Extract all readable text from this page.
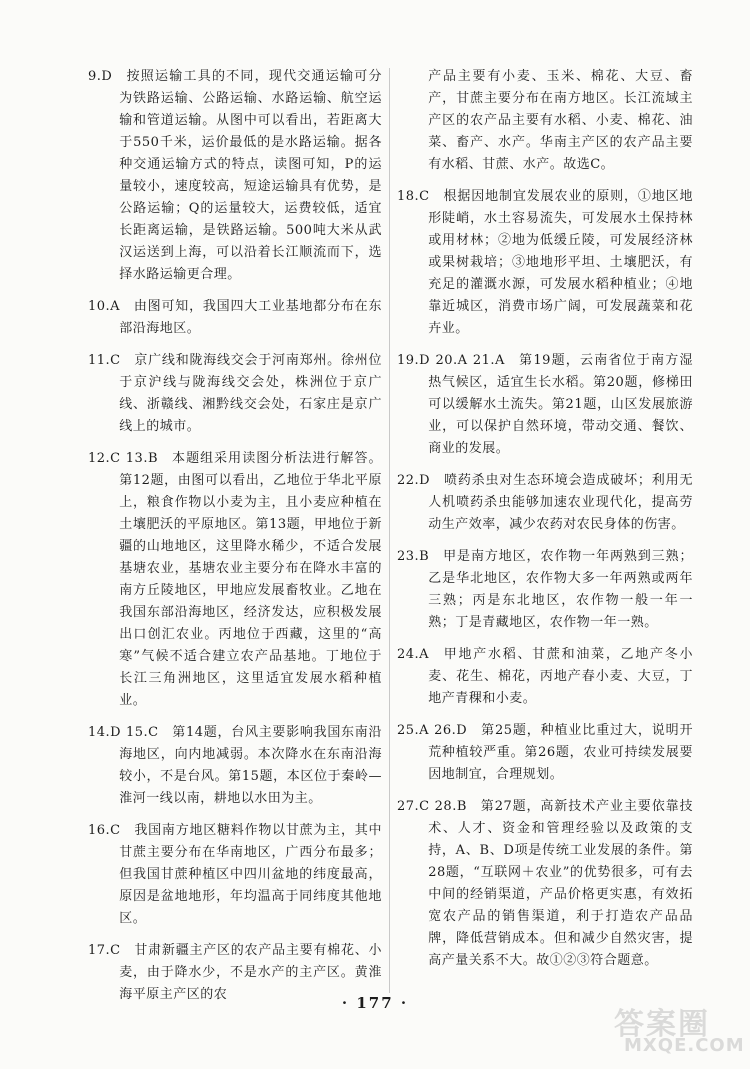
9.D  按照运输工具的不同，现代交通运输可分为铁路运输、公路运输、水路运输、航空运输和管道运输。从图中可以看出，若距离大于550千米，运价最低的是水路运输。据各种交通运输方式的特点，读图可知，P的运量较小，速度较高，短途运输具有优势，是公路运输；Q的运量较大，运费较低，适宜长距离运输，是铁路运输。500吨大米从武汉运送到上海，可以沿着长江顺流而下，选择水路运输更合理。

10.A  由图可知，我国四大工业基地都分布在东部沿海地区。

11.C  京广线和陇海线交会于河南郑州。徐州位于京沪线与陇海线交会处，株洲位于京广线、浙赣线、湘黔线交会处，石家庄是京广线上的城市。

12.C 13.B  本题组采用读图分析法进行解答。第12题，由图可以看出，乙地位于华北平原上，粮食作物以小麦为主，且小麦应种植在土壤肥沃的平原地区。第13题，甲地位于新疆的山地地区，这里降水稀少，不适合发展基塘农业，基塘农业主要分布在降水丰富的南方丘陵地区，甲地应发展畜牧业。乙地在我国东部沿海地区，经济发达，应积极发展出口创汇农业。丙地位于西藏，这里的“高寒”气候不适合建立农产品基地。丁地位于长江三角洲地区，这里适宜发展水稻种植业。

14.D 15.C  第14题，台风主要影响我国东南沿海地区，向内地减弱。本次降水在东南沿海较小，不是台风。第15题，本区位于秦岭—淮河一线以南，耕地以水田为主。

16.C  我国南方地区糖料作物以甘蔗为主，其中甘蔗主要分布在华南地区，广西分布最多；但我国甘蔗种植区中四川盆地的纬度最高，原因是盆地地形，年均温高于同纬度其他地区。

17.C  甘肃新疆主产区的农产品主要有棉花、小麦，由于降水少，不是水产的主产区。黄淮海平原主产区的农

产品主要有小麦、玉米、棉花、大豆、畜产，甘蔗主要分布在南方地区。长江流域主产区的农产品主要有水稻、小麦、棉花、油菜、畜产、水产。华南主产区的农产品主要有水稻、甘蔗、水产。故选C。

18.C  根据因地制宜发展农业的原则，①地区地形陡峭，水土容易流失，可发展水土保持林或用材林；②地为低缓丘陵，可发展经济林或果树栽培；③地地形平坦、土壤肥沃，有充足的灌溉水源，可发展水稻种植业；④地靠近城区，消费市场广阔，可发展蔬菜和花卉业。

19.D 20.A 21.A  第19题，云南省位于南方湿热气候区，适宜生长水稻。第20题，修梯田可以缓解水土流失。第21题，山区发展旅游业，可以保护自然环境，带动交通、餐饮、商业的发展。

22.D  喷药杀虫对生态环境会造成破坏；利用无人机喷药杀虫能够加速农业现代化，提高劳动生产效率，减少农药对农民身体的伤害。

23.B  甲是南方地区，农作物一年两熟到三熟；乙是华北地区，农作物大多一年两熟或两年三熟；丙是东北地区，农作物一般一年一熟；丁是青藏地区，农作物一年一熟。

24.A  甲地产水稻、甘蔗和油菜，乙地产冬小麦、花生、棉花，丙地产春小麦、大豆，丁地产青稞和小麦。

25.A 26.D  第25题，种植业比重过大，说明开荒种植较严重。第26题，农业可持续发展要因地制宜，合理规划。

27.C 28.B  第27题，高新技术产业主要依靠技术、人才、资金和管理经验以及政策的支持，A、B、D项是传统工业发展的条件。第28题，“互联网＋农业”的优势很多，可有去中间的经销渠道，产品价格更实惠，有效拓宽农产品的销售渠道，利于打造农产品品牌，降低营销成本。但和减少自然灾害，提高产量关系不大。故①②③符合题意。

· 177 ·
答案圈
MXQE.COM
